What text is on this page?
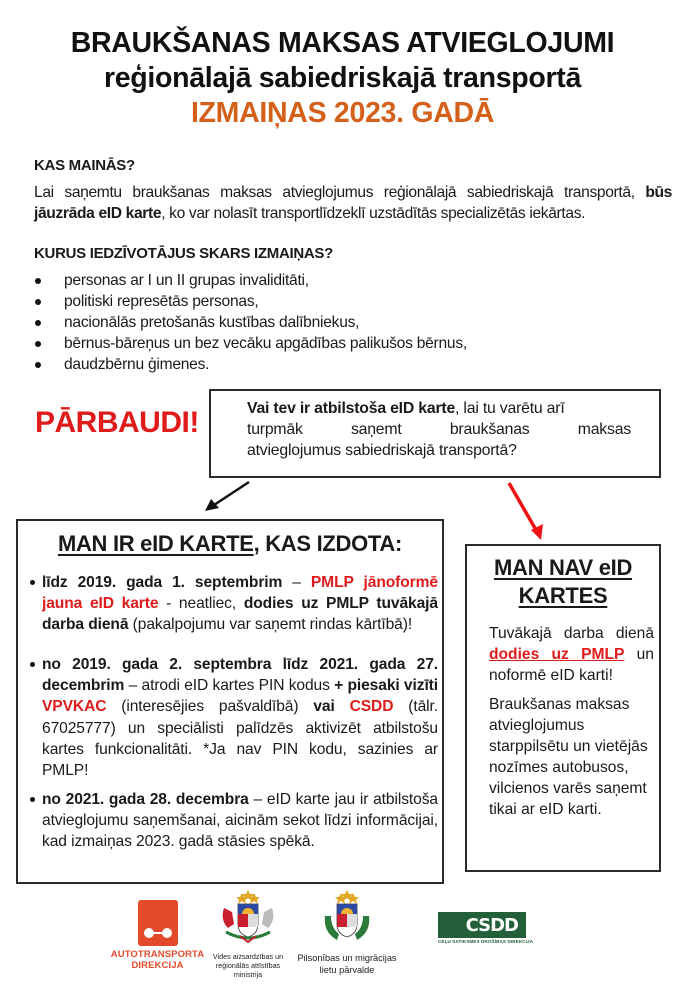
BRAUKŠANAS MAKSAS ATVIEGLOJUMI
reģionālajā sabiedriskajā transportā
IZMAIŅAS 2023. GADĀ
KAS MAINĀS?

Lai saņemtu braukšanas maksas atvieglojumus reģionālajā sabiedriskajā transportā, būs jāuzrāda eID karte, ko var nolasīt transportlīdzeklī uzstādītās specializētās iekārtas.

KURUS IEDZĪVOTĀJUS SKARS IZMAIŅAS?
personas ar I un II grupas invaliditāti,
politiski represētās personas,
nacionālās pretošanās kustības dalībniekus,
bērnus-bāreņus un bez vecāku apgādības palikušos bērnus,
daudzbērnu ģimenes.
PĀRBAUDI!	Vai tev ir atbilstoša eID karte, lai tu varētu arī
turpmāk saņemt braukšanas maksas
atvieglojumus sabiedriskajā transportā?

MAN IR eID KARTE, KAS IZDOTA:
līdz 2019. gada 1. septembrim – PMLP jānoformē jauna eID karte - neatliec, dodies uz PMLP tuvākajā darba dienā (pakalpojumu var saņemt rindas kārtībā)!
no 2019. gada 2. septembra līdz 2021. gada 27. decembrim – atrodi eID kartes PIN kodus + piesaki vizīti VPVKAC (interesējies pašvaldībā) vai CSDD (tālr. 67025777) un speciālisti palīdzēs aktivizēt atbilstošu kartes funkcionalitāti. *Ja nav PIN kodu, sazinies ar PMLP!
no 2021. gada 28. decembra – eID karte jau ir atbilstoša atvieglojumu saņemšanai, aicinām sekot līdzi informācijai, kad izmaiņas 2023. gadā stāsies spēkā.
MAN NAV eID
KARTES

Tuvākajā darba dienā dodies uz PMLP un noformē eID karti!

Braukšanas maksas atvieglojumus starppilsētu un vietējās nozīmes autobusos, vilcienos varēs saņemt tikai ar eID karti.

AUTOTRANSPORTA
DIREKCIJA
Vides aizsardzības un
reģionālās attīstības
ministrija
Pilsonības un migrācijas
lietu pārvalde
CSDD
CEĻU SATIKSMES DROŠĪBAS DIREKCIJA
